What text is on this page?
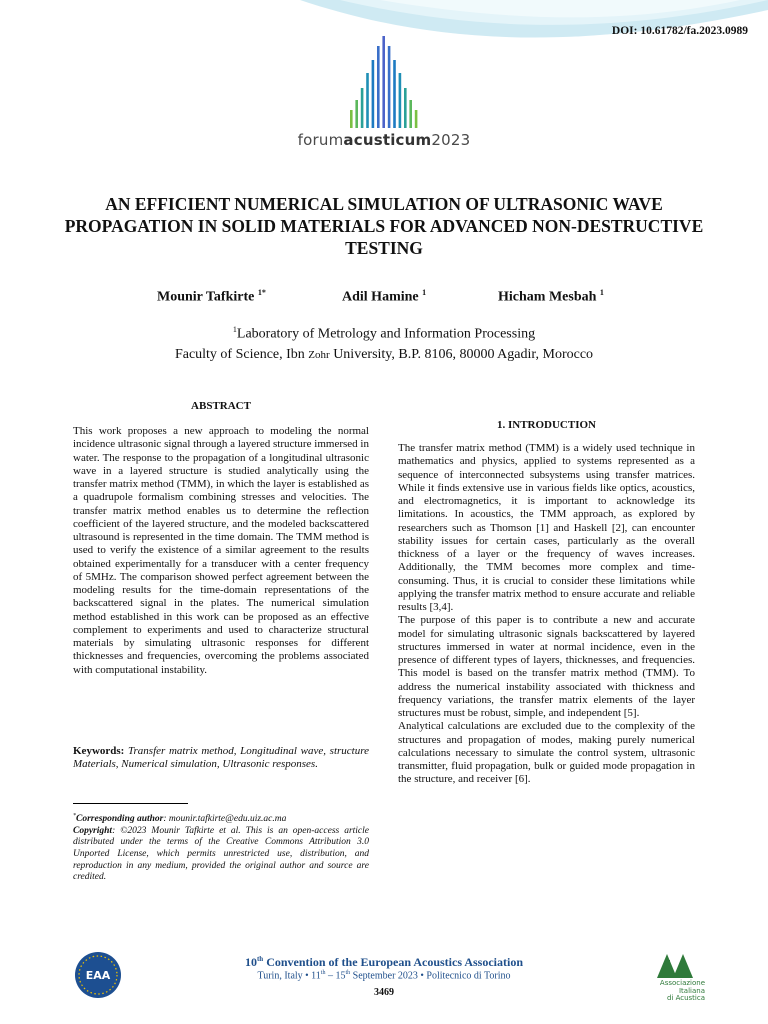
DOI: 10.61782/fa.2023.0989
forumacusticum2023
AN EFFICIENT NUMERICAL SIMULATION OF ULTRASONIC WAVE PROPAGATION IN SOLID MATERIALS FOR ADVANCED NON-DESTRUCTIVE TESTING
Mounir Tafkirte $^{1*}$	Adil Hamine $^1$	Hicham Mesbah $^1$
$^1$Laboratory of Metrology and Information Processing
Faculty of Science, Ibn Zohr University, B.P. 8106, 80000 Agadir, Morocco
ABSTRACT
This work proposes a new approach to modeling the normal incidence ultrasonic signal through a layered structure immersed in water. The response to the propagation of a longitudinal ultrasonic wave in a layered structure is studied analytically using the transfer matrix method (TMM), in which the layer is established as a quadrupole formalism combining stresses and velocities. The transfer matrix method enables us to determine the reflection coefficient of the layered structure, and the modeled backscattered ultrasound is represented in the time domain. The TMM method is used to verify the existence of a similar agreement to the results obtained experimentally for a transducer with a center frequency of 5MHz. The comparison showed perfect agreement between the modeling results for the time-domain representations of the backscattered signal in the plates. The numerical simulation method established in this work can be proposed as an effective complement to experiments and used to characterize structural materials by simulating ultrasonic responses for different thicknesses and frequencies, overcoming the problems associated with computational instability.
Keywords: Transfer matrix method, Longitudinal wave, structure Materials, Numerical simulation, Ultrasonic responses.
*Corresponding author: mounir.tafkirte@edu.uiz.ac.ma
Copyright: ©2023 Mounir Tafkirte et al. This is an open-access article distributed under the terms of the Creative Commons Attribution 3.0 Unported License, which permits unrestricted use, distribution, and reproduction in any medium, provided the original author and source are credited.
1. INTRODUCTION

The transfer matrix method (TMM) is a widely used technique in mathematics and physics, applied to systems represented as a sequence of interconnected subsystems using transfer matrices. While it finds extensive use in various fields like optics, acoustics, and electromagnetics, it is important to acknowledge its limitations. In acoustics, the TMM approach, as explored by researchers such as Thomson [1] and Haskell [2], can encounter stability issues for certain cases, particularly as the overall thickness of a layer or the frequency of waves increases. Additionally, the TMM becomes more complex and time-consuming. Thus, it is crucial to consider these limitations while applying the transfer matrix method to ensure accurate and reliable results [3,4].

The purpose of this paper is to contribute a new and accurate model for simulating ultrasonic signals backscattered by layered structures immersed in water at normal incidence, even in the presence of different types of layers, thicknesses, and frequencies. This model is based on the transfer matrix method (TMM). To address the numerical instability associated with thickness and frequency variations, the transfer matrix elements of the layer structures must be robust, simple, and independent [5].

Analytical calculations are excluded due to the complexity of the structures and propagation of modes, making purely numerical calculations necessary to simulate the control system, ultrasonic transmitter, fluid propagation, bulk or guided mode propagation in the structure, and receiver [6].

EAA
10th Convention of the European Acoustics Association
Turin, Italy • 11th – 15th September 2023 • Politecnico di Torino
3469
Associazione
Italiana
di Acustica
